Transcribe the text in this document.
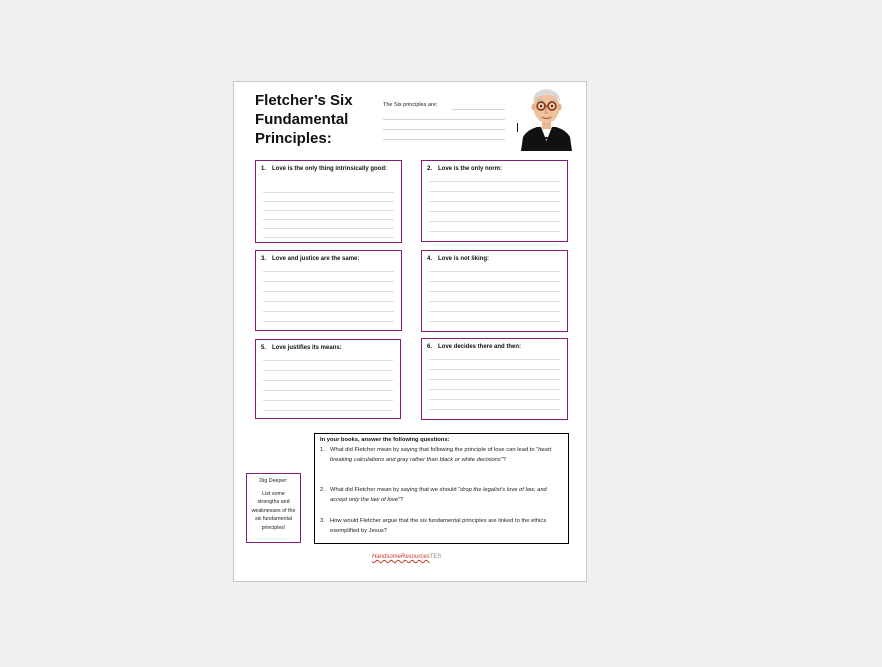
Fletcher’s Six Fundamental Principles:
The Six principles are:
1. Love is the only thing intrinsically good:	2. Love is the only norm:
3. Love and justice are the same:	4. Love is not liking:
5. Love justifies its means:	6. Love decides there and then:
In your books, answer the following questions:
1. What did Fletcher mean by saying that following the principle of love can lead to “heart breaking calculations and gray rather than black or white decisions”?
2. What did Fletcher mean by saying that we should “drop the legalist’s love of law, and accept only the law of love”?
3. How would Fletcher argue that the six fundamental principles are linked to the ethics exemplified by Jesus?
Dig Deeper:
List some strengths and weaknesses of the six fundamental principles!
HandsomeResourcesTES
